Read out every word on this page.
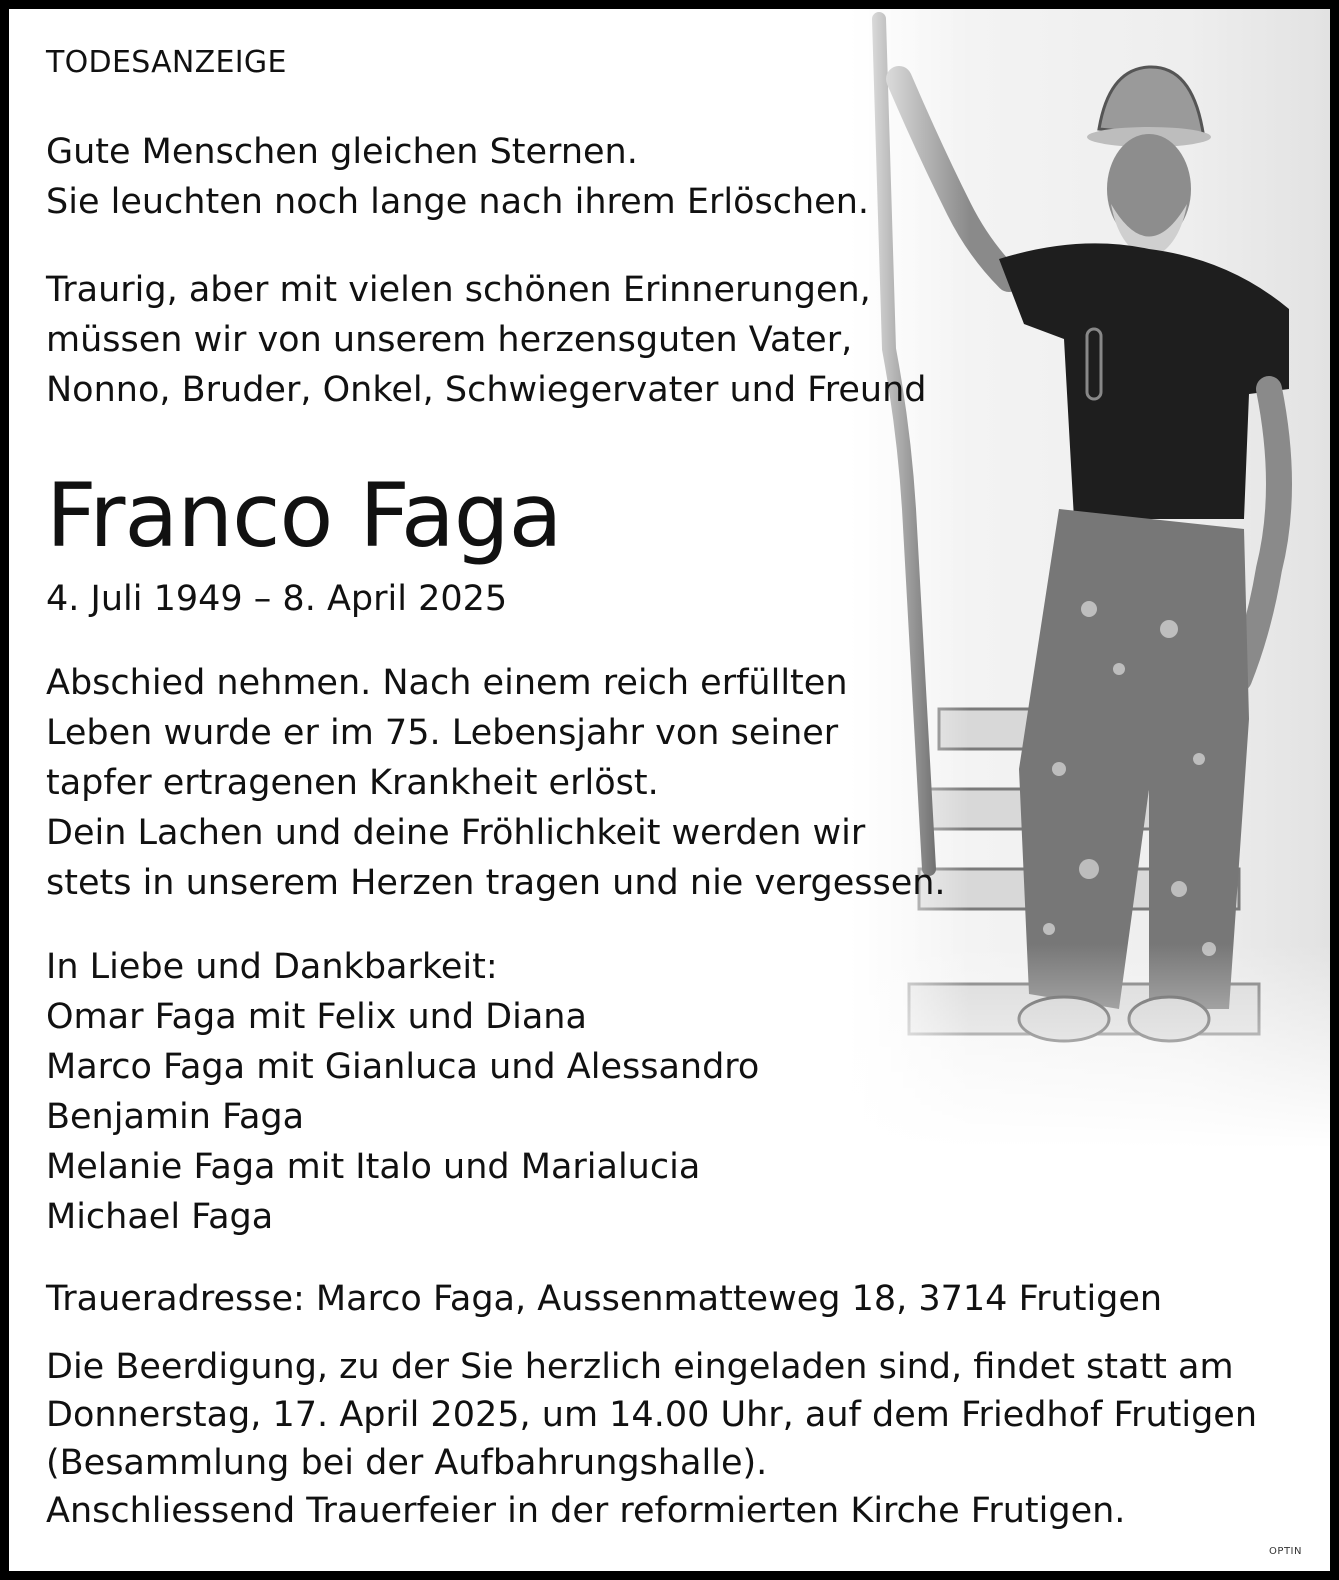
TODESANZEIGE
Gute Menschen gleichen Sternen.
Sie leuchten noch lange nach ihrem Erlöschen.
Traurig, aber mit vielen schönen Erinnerungen,
müssen wir von unserem herzensguten Vater,
Nonno, Bruder, Onkel, Schwiegervater und Freund
Franco Faga
4. Juli 1949 – 8. April 2025
Abschied nehmen. Nach einem reich erfüllten
Leben wurde er im 75. Lebensjahr von seiner
tapfer ertragenen Krankheit erlöst.
Dein Lachen und deine Fröhlichkeit werden wir
stets in unserem Herzen tragen und nie vergessen.
In Liebe und Dankbarkeit:
Omar Faga mit Felix und Diana
Marco Faga mit Gianluca und Alessandro
Benjamin Faga
Melanie Faga mit Italo und Marialucia
Michael Faga
Traueradresse: Marco Faga, Aussenmatteweg 18, 3714 Frutigen
Die Beerdigung, zu der Sie herzlich eingeladen sind, findet statt am
Donnerstag, 17. April 2025, um 14.00 Uhr, auf dem Friedhof Frutigen
(Besammlung bei der Aufbahrungshalle).
Anschliessend Trauerfeier in der reformierten Kirche Frutigen.
OPTIN
